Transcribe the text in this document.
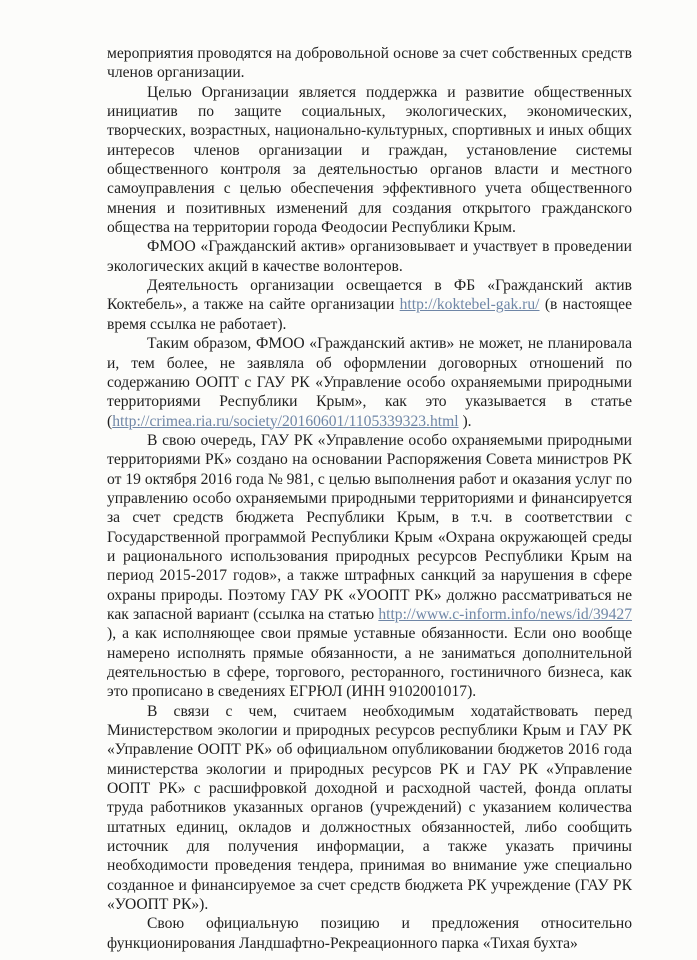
мероприятия проводятся на добровольной основе за счет собственных средств членов организации.

Целью Организации является поддержка и развитие общественных инициатив по защите социальных, экологических, экономических, творческих, возрастных, национально-культурных, спортивных и иных общих интересов членов организации и граждан, установление системы общественного контроля за деятельностью органов власти и местного самоуправления с целью обеспечения эффективного учета общественного мнения и позитивных изменений для создания открытого гражданского общества на территории города Феодосии Республики Крым.

ФМОО «Гражданский актив» организовывает и участвует в проведении экологических акций в качестве волонтеров.

Деятельность организации освещается в ФБ «Гражданский актив Коктебель», а также на сайте организации http://koktebel-gak.ru/ (в настоящее время ссылка не работает).

Таким образом, ФМОО «Гражданский актив» не может, не планировала и, тем более, не заявляла об оформлении договорных отношений по содержанию ООПТ с ГАУ РК «Управление особо охраняемыми природными территориями Республики Крым», как это указывается в статье (http://crimea.ria.ru/society/20160601/1105339323.html ).

В свою очередь, ГАУ РК «Управление особо охраняемыми природными территориями РК» создано на основании Распоряжения Совета министров РК от 19 октября 2016 года № 981, с целью выполнения работ и оказания услуг по управлению особо охраняемыми природными территориями и финансируется за счет средств бюджета Республики Крым, в т.ч. в соответствии с Государственной программой Республики Крым «Охрана окружающей среды и рационального использования природных ресурсов Республики Крым на период 2015-2017 годов», а также штрафных санкций за нарушения в сфере охраны природы. Поэтому ГАУ РК «УООПТ РК» должно рассматриваться не как запасной вариант (ссылка на статью http://www.c-inform.info/news/id/39427 ), а как исполняющее свои прямые уставные обязанности. Если оно вообще намерено исполнять прямые обязанности, а не заниматься дополнительной деятельностью в сфере, торгового, ресторанного, гостиничного бизнеса, как это прописано в сведениях ЕГРЮЛ (ИНН 9102001017).

В связи с чем, считаем необходимым ходатайствовать перед Министерством экологии и природных ресурсов республики Крым и ГАУ РК «Управление ООПТ РК» об официальном опубликовании бюджетов 2016 года министерства экологии и природных ресурсов РК и ГАУ РК «Управление ООПТ РК» с расшифровкой доходной и расходной частей, фонда оплаты труда работников указанных органов (учреждений) с указанием количества штатных единиц, окладов и должностных обязанностей, либо сообщить источник для получения информации, а также указать причины необходимости проведения тендера, принимая во внимание уже специально созданное и финансируемое за счет средств бюджета РК учреждение (ГАУ РК «УООПТ РК»).

Свою официальную позицию и предложения относительно функционирования Ландшафтно-Рекреационного парка «Тихая бухта»
